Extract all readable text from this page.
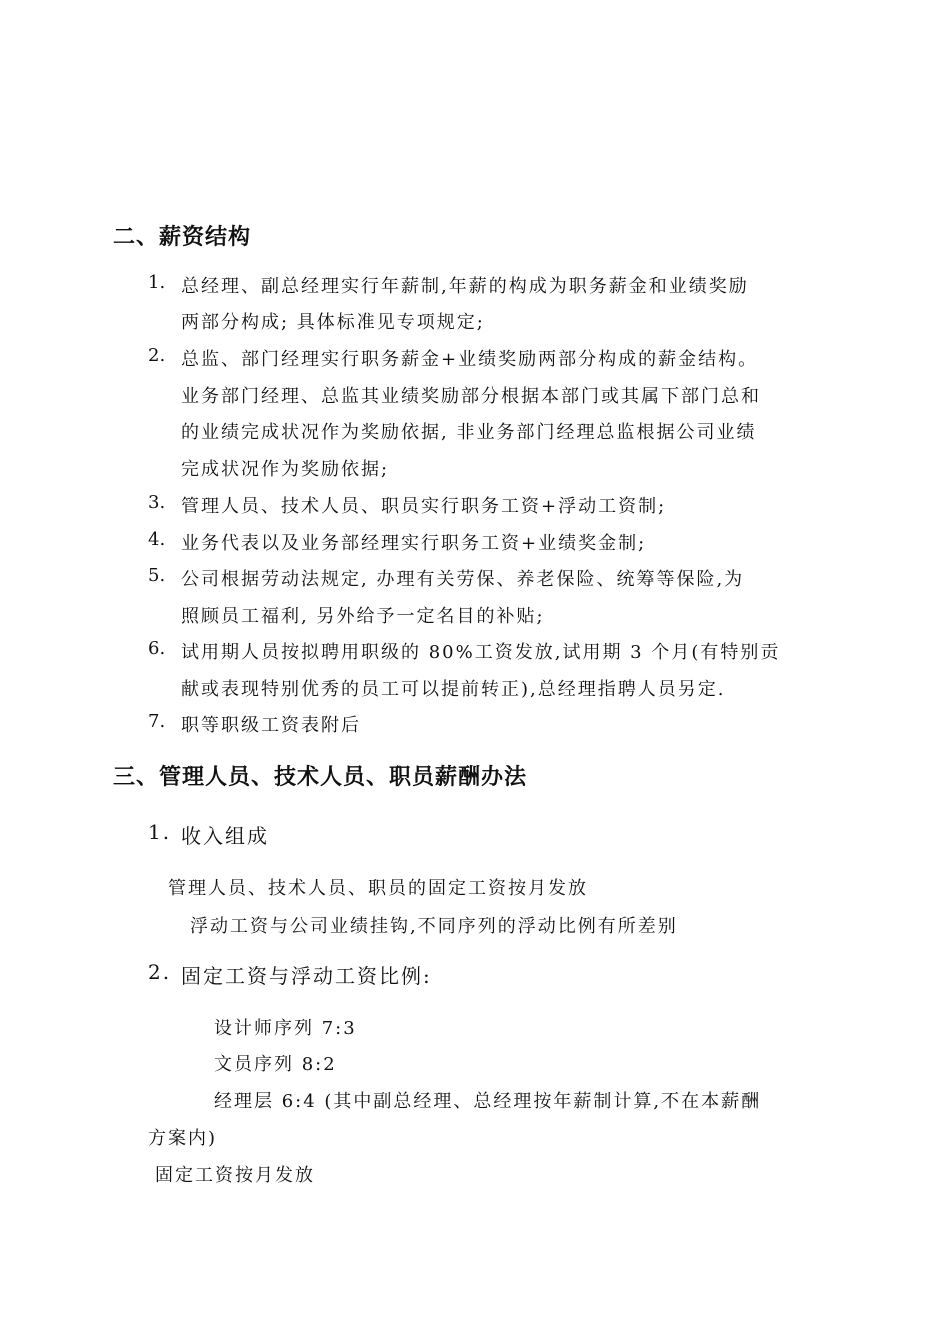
二、薪资结构
1. 总经理、副总经理实行年薪制,年薪的构成为职务薪金和业绩奖励
两部分构成; 具体标准见专项规定;
2. 总监、部门经理实行职务薪金+业绩奖励两部分构成的薪金结构。
业务部门经理、总监其业绩奖励部分根据本部门或其属下部门总和
的业绩完成状况作为奖励依据, 非业务部门经理总监根据公司业绩
完成状况作为奖励依据;
3. 管理人员、技术人员、职员实行职务工资+浮动工资制;
4. 业务代表以及业务部经理实行职务工资+业绩奖金制;
5. 公司根据劳动法规定, 办理有关劳保、养老保险、统筹等保险,为
照顾员工福利, 另外给予一定名目的补贴;
6. 试用期人员按拟聘用职级的 80%工资发放,试用期 3 个月(有特别贡
献或表现特别优秀的员工可以提前转正),总经理指聘人员另定.
7. 职等职级工资表附后
三、管理人员、技术人员、职员薪酬办法
1. 收入组成
管理人员、技术人员、职员的固定工资按月发放
浮动工资与公司业绩挂钩,不同序列的浮动比例有所差别
2. 固定工资与浮动工资比例:
设计师序列 7:3
文员序列 8:2
经理层 6:4 (其中副总经理、总经理按年薪制计算,不在本薪酬
方案内)
固定工资按月发放
